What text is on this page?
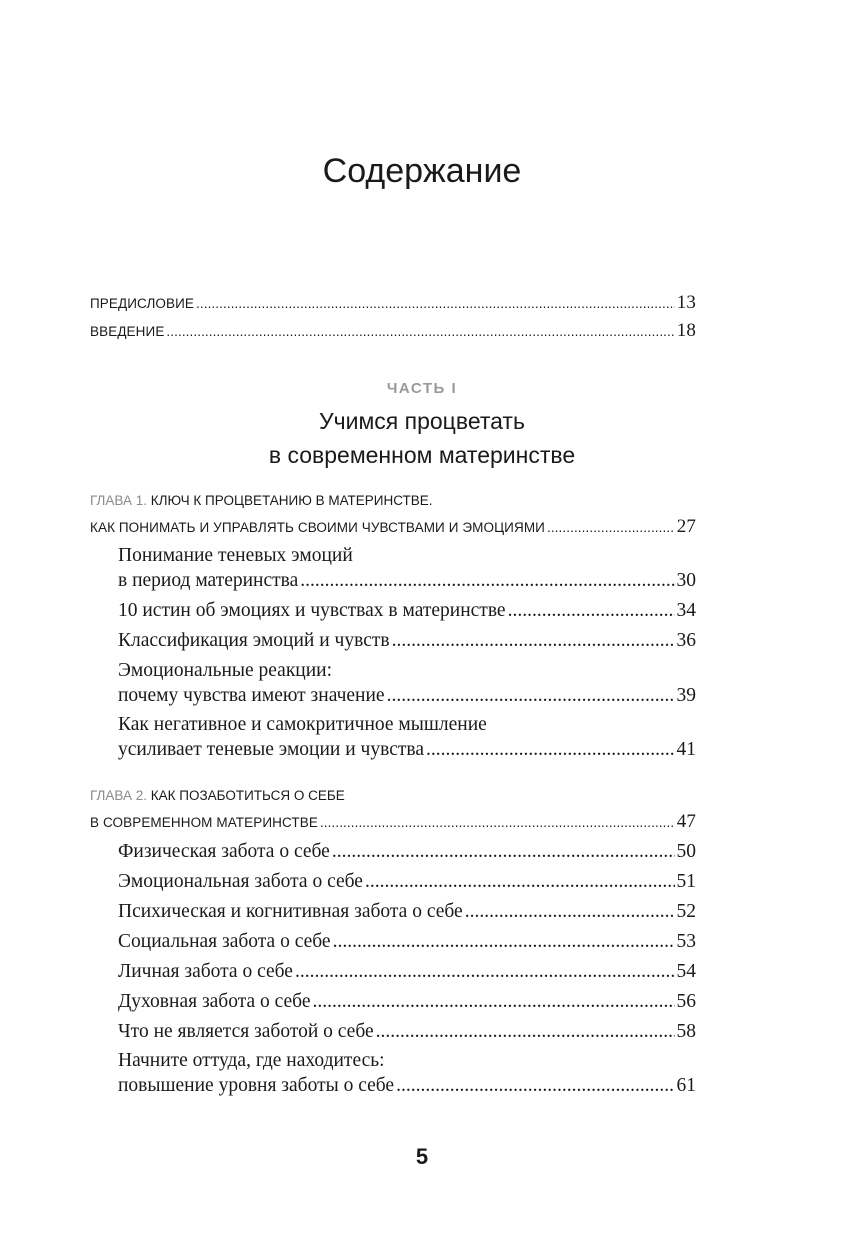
Содержание
ПРЕДИСЛОВИЕ .....	13
ВВЕДЕНИЕ .....	18
ЧАСТЬ I
Учимся процветать
в современном материнстве
ГЛАВА 1. КЛЮЧ К ПРОЦВЕТАНИЮ В МАТЕРИНСТВЕ.
КАК ПОНИМАТЬ И УПРАВЛЯТЬ СВОИМИ ЧУВСТВАМИ И ЭМОЦИЯМИ .....	27
Понимание теневых эмоций
в период материнства .....	30
10 истин об эмоциях и чувствах в материнстве .....	34
Классификация эмоций и чувств .....	36
Эмоциональные реакции:
почему чувства имеют значение .....	39
Как негативное и самокритичное мышление
усиливает теневые эмоции и чувства .....	41
ГЛАВА 2. КАК ПОЗАБОТИТЬСЯ О СЕБЕ
В СОВРЕМЕННОМ МАТЕРИНСТВЕ .....	47
Физическая забота о себе .....	50
Эмоциональная забота о себе .....	51
Психическая и когнитивная забота о себе .....	52
Социальная забота о себе .....	53
Личная забота о себе .....	54
Духовная забота о себе .....	56
Что не является заботой о себе .....	58
Начните оттуда, где находитесь:
повышение уровня заботы о себе .....	61
5
